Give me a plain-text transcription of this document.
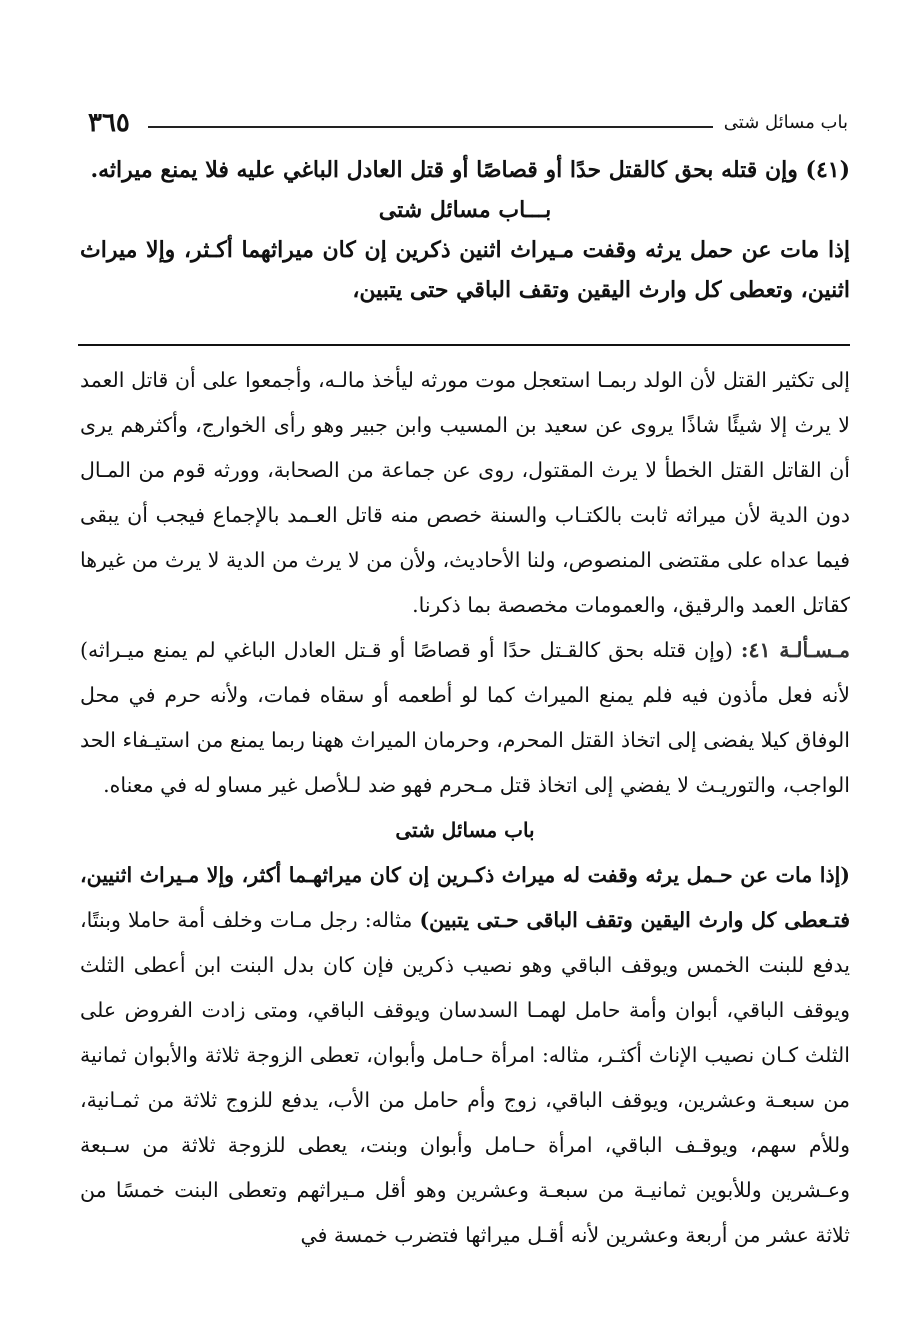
باب مسائل شتى
٣٦٥

(٤١) وإن قتله بحق كالقتل حدًا أو قصاصًا أو قتل العادل الباغي عليه فلا يمنع ميراثه.

بـــاب مسائل شتى

إذا مات عن حمل يرثه وقفت مـيراث اثنين ذكرين إن كان ميراثهما أكـثر، وإلا ميراث اثنين، وتعطى كل وارث اليقين وتقف الباقي حتى يتبين،

إلى تكثير القتل لأن الولد ربمـا استعجل موت مورثه ليأخذ مالـه، وأجمعوا على أن قاتل العمد لا يرث إلا شيئًا شاذًا يروى عن سعيد بن المسيب وابن جبير وهو رأى الخوارج، وأكثرهم يرى أن القاتل القتل الخطأ لا يرث المقتول، روى عن جماعة من الصحابة، وورثه قوم من المـال دون الدية لأن ميراثه ثابت بالكتـاب والسنة خصص منه قاتل العـمد بالإجماع فيجب أن يبقى فيما عداه على مقتضى المنصوص، ولنا الأحاديث، ولأن من لا يرث من الدية لا يرث من غيرها كقاتل العمد والرقيق، والعمومات مخصصة بما ذكرنا.

مـسـألـة ٤١: (وإن قتله بحق كالقـتل حدًا أو قصاصًا أو قـتل العادل الباغي لم يمنع ميـراثه) لأنه فعل مأذون فيه فلم يمنع الميراث كما لو أطعمه أو سقاه فمات، ولأنه حرم في محل الوفاق كيلا يفضى إلى اتخاذ القتل المحرم، وحرمان الميراث ههنا ربما يمنع من استيـفاء الحد الواجب، والتوريـث لا يفضي إلى اتخاذ قتل مـحرم فهو ضد لـلأصل غير مساو له في معناه.

باب مسائل شتى

(إذا مات عن حـمل يرثه وقفت له ميراث ذكـرين إن كان ميراثهـما أكثر، وإلا مـيراث اثنيين، فتـعطى كل وارث اليقين وتقف الباقى حـتى يتبين) مثاله: رجل مـات وخلف أمة حاملا وبنتًا، يدفع للبنت الخمس ويوقف الباقي وهو نصيب ذكرين فإن كان بدل البنت ابن أعطى الثلث ويوقف الباقي، أبوان وأمة حامل لهمـا السدسان ويوقف الباقي، ومتى زادت الفروض على الثلث كـان نصيب الإناث أكثـر، مثاله: امرأة حـامل وأبوان، تعطى الزوجة ثلاثة والأبوان ثمانية من سبعـة وعشرين، ويوقف الباقي، زوج وأم حامل من الأب، يدفع للزوج ثلاثة من ثمـانية، وللأم سهم، ويوقـف الباقي، امرأة حـامل وأبوان وبنت، يعطى للزوجة ثلاثة من سـبعة وعـشرين وللأبوين ثمانيـة من سبعـة وعشرين وهو أقل مـيراثهم وتعطى البنت خمسًا من ثلاثة عشر من أربعة وعشرين لأنه أقـل ميراثها فتضرب خمسة في
